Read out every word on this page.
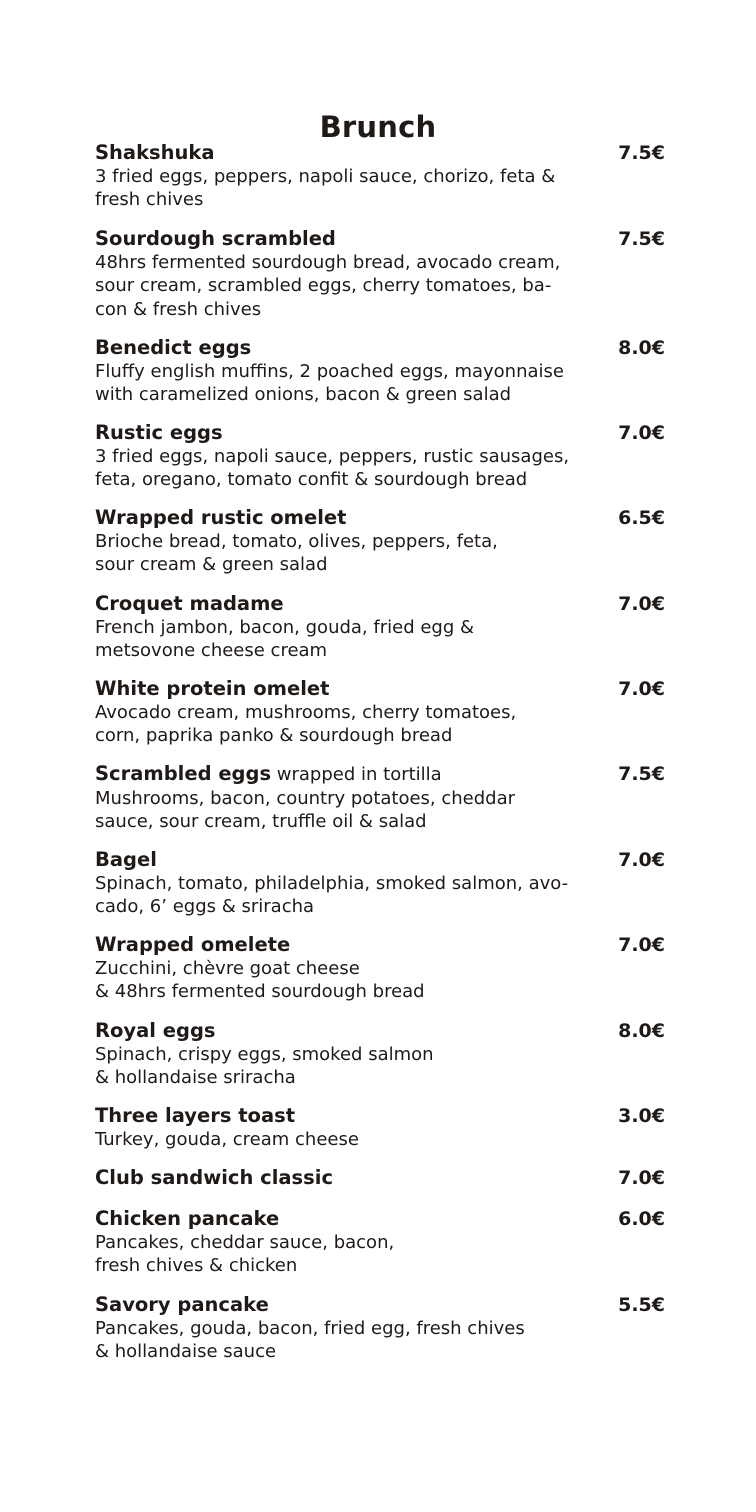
Brunch
Shakshuka
3 fried eggs, peppers, napoli sauce, chorizo, feta &
fresh chives
7.5€
Sourdough scrambled
48hrs fermented sourdough bread, avocado cream,
sour cream, scrambled eggs, cherry tomatoes, ba-
con & fresh chives
7.5€
Benedict eggs
Fluffy english muffins, 2 poached eggs, mayonnaise
with caramelized onions, bacon & green salad
8.0€
Rustic eggs
3 fried eggs, napoli sauce, peppers, rustic sausages,
feta, oregano, tomato confit & sourdough bread
7.0€
Wrapped rustic omelet
Brioche bread, tomato, olives, peppers, feta,
sour cream & green salad
6.5€
Croquet madame
French jambon, bacon, gouda, fried egg &
metsovone cheese cream
7.0€
White protein omelet
Avocado cream, mushrooms, cherry tomatoes,
corn, paprika panko & sourdough bread
7.0€
Scrambled eggs wrapped in tortilla
Mushrooms, bacon, country potatoes, cheddar
sauce, sour cream, truffle oil & salad
7.5€
Bagel
Spinach, tomato, philadelphia, smoked salmon, avo-
cado, 6’ eggs & sriracha
7.0€
Wrapped omelete
Zucchini, chèvre goat cheese
& 48hrs fermented sourdough bread
7.0€
Royal eggs
Spinach, crispy eggs, smoked salmon
& hollandaise sriracha
8.0€
Three layers toast
Turkey, gouda, cream cheese
3.0€
Club sandwich classic	7.0€
Chicken pancake
Pancakes, cheddar sauce, bacon,
fresh chives & chicken
6.0€
Savory pancake
Pancakes, gouda, bacon, fried egg, fresh chives
& hollandaise sauce
5.5€
